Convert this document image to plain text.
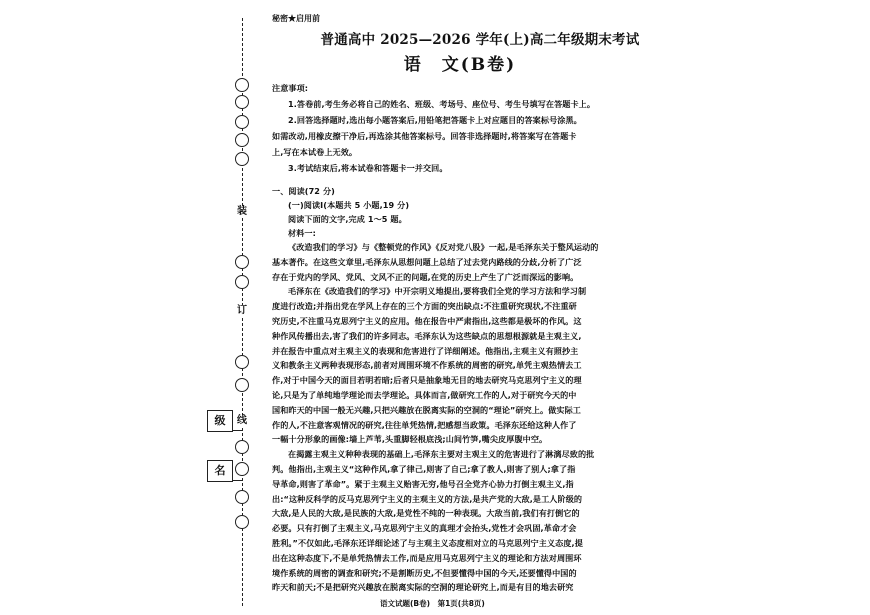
装
订
线
级
名
秘密★启用前
普通高中 2025—2026 学年(上)高二年级期末考试
语　文(B卷)
注意事项:
1.答卷前,考生务必将自己的姓名、班级、考场号、座位号、考生号填写在答题卡上。
2.回答选择题时,选出每小题答案后,用铅笔把答题卡上对应题目的答案标号涂黑。
如需改动,用橡皮擦干净后,再选涂其他答案标号。回答非选择题时,将答案写在答题卡
上,写在本试卷上无效。
3.考试结束后,将本试卷和答题卡一并交回。
一、阅读(72 分)
(一)阅读Ⅰ(本题共 5 小题,19 分)
阅读下面的文字,完成 1～5 题。
材料一:
《改造我们的学习》与《整顿党的作风》《反对党八股》一起,是毛泽东关于整风运动的
基本著作。在这些文章里,毛泽东从思想问题上总结了过去党内路线的分歧,分析了广泛
存在于党内的学风、党风、文风不正的问题,在党的历史上产生了广泛而深远的影响。
毛泽东在《改造我们的学习》中开宗明义地提出,要将我们全党的学习方法和学习制
度进行改造;并指出党在学风上存在的三个方面的突出缺点:不注重研究现状,不注重研
究历史,不注重马克思列宁主义的应用。他在报告中严肃指出,这些都是极坏的作风。这
种作风传播出去,害了我们的许多同志。毛泽东认为这些缺点的思想根源就是主观主义,
并在报告中重点对主观主义的表现和危害进行了详细阐述。他指出,主观主义有照抄主
义和教条主义两种表现形态,前者对周围环境不作系统的周密的研究,单凭主观热情去工
作,对于中国今天的面目若明若暗;后者只是抽象地无目的地去研究马克思列宁主义的理
论,只是为了单纯地学理论而去学理论。具体而言,做研究工作的人,对于研究今天的中
国和昨天的中国一般无兴趣,只把兴趣放在脱离实际的空洞的“理论”研究上。做实际工
作的人,不注意客观情况的研究,往往单凭热情,把感想当政策。毛泽东还给这种人作了
一幅十分形象的画像:墙上芦苇,头重脚轻根底浅;山间竹笋,嘴尖皮厚腹中空。
在揭露主观主义种种表现的基础上,毛泽东主要对主观主义的危害进行了淋漓尽致的批
判。他指出,主观主义“这种作风,拿了律己,则害了自己;拿了教人,则害了别人;拿了指
导革命,则害了革命”。紧于主观主义贻害无穷,他号召全党齐心协力打倒主观主义,指
出:“这种反科学的反马克思列宁主义的主观主义的方法,是共产党的大敌,是工人阶级的
大敌,是人民的大敌,是民族的大敌,是党性不纯的一种表现。大敌当前,我们有打倒它的
必要。只有打倒了主观主义,马克思列宁主义的真理才会抬头,党性才会巩固,革命才会
胜利。”不仅如此,毛泽东还详细论述了与主观主义态度相对立的马克思列宁主义态度,提
出在这种态度下,不是单凭热情去工作,而是应用马克思列宁主义的理论和方法对周围环
境作系统的周密的调查和研究;不是割断历史,不但要懂得中国的今天,还要懂得中国的
昨天和前天;不是把研究兴趣放在脱离实际的空洞的理论研究上,而是有目的地去研究
语文试题(B卷)　第1页(共8页)
